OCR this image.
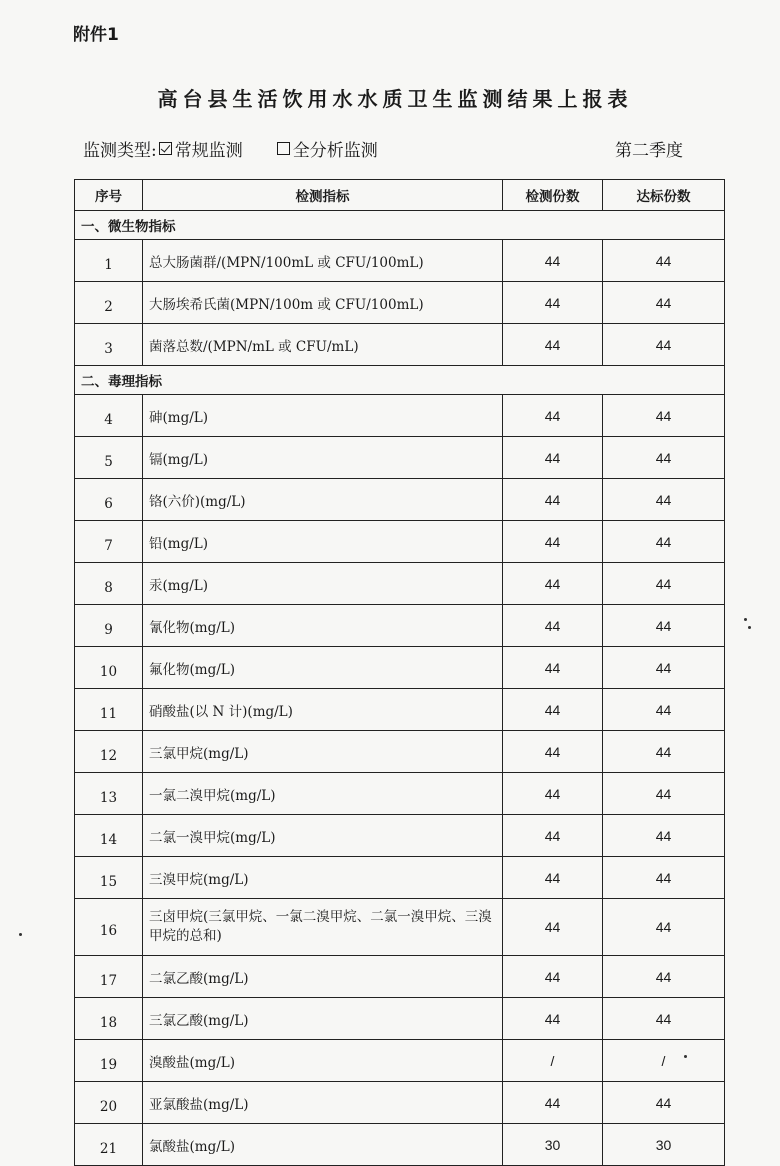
附件1
高台县生活饮用水水质卫生监测结果上报表
监测类型: 常规监测	全分析监测	第二季度
序号	检测指标	检测份数	达标份数
一、微生物指标			
1	总大肠菌群/(MPN/100mL 或 CFU/100mL)	44	44
2	大肠埃希氏菌(MPN/100m 或 CFU/100mL)	44	44
3	菌落总数/(MPN/mL 或 CFU/mL)	44	44
二、毒理指标			
4	砷(mg/L)	44	44
5	镉(mg/L)	44	44
6	铬(六价)(mg/L)	44	44
7	铅(mg/L)	44	44
8	汞(mg/L)	44	44
9	氰化物(mg/L)	44	44
10	氟化物(mg/L)	44	44
11	硝酸盐(以 N 计)(mg/L)	44	44
12	三氯甲烷(mg/L)	44	44
13	一氯二溴甲烷(mg/L)	44	44
14	二氯一溴甲烷(mg/L)	44	44
15	三溴甲烷(mg/L)	44	44
16	三卤甲烷(三氯甲烷、一氯二溴甲烷、二氯一溴甲烷、三溴甲烷的总和)	44	44
17	二氯乙酸(mg/L)	44	44
18	三氯乙酸(mg/L)	44	44
19	溴酸盐(mg/L)	/	/
20	亚氯酸盐(mg/L)	44	44
21	氯酸盐(mg/L)	30	30
